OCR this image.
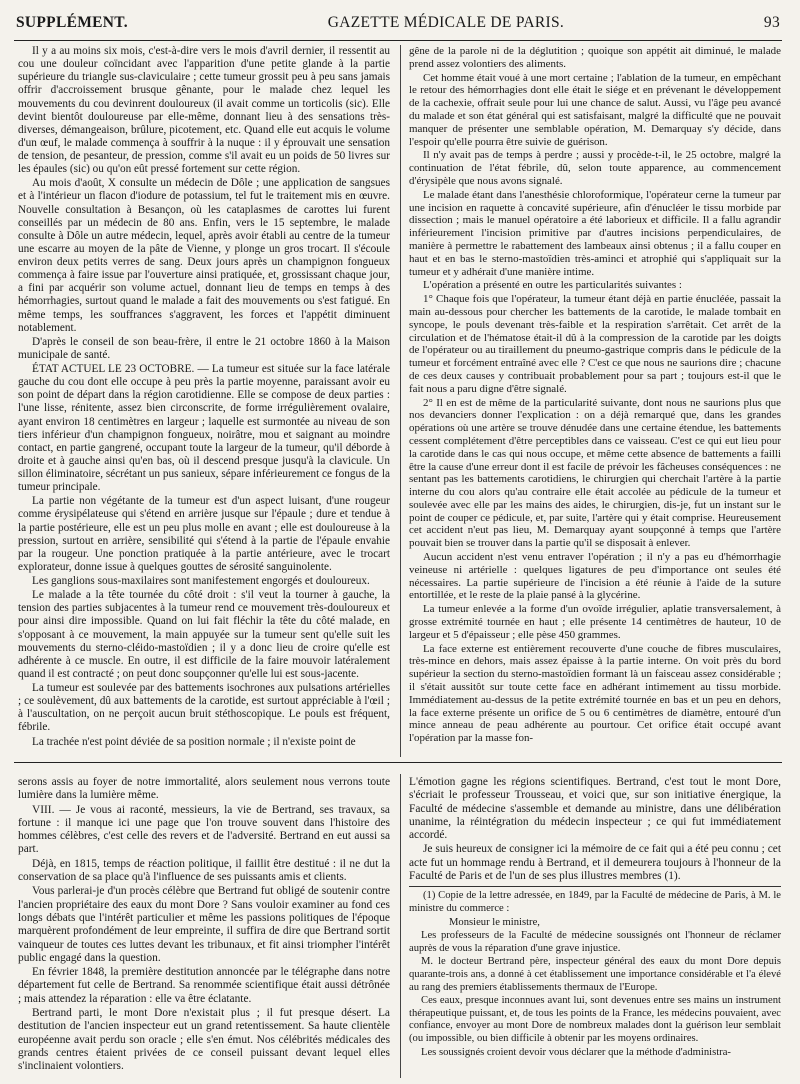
SUPPLÉMENT.	GAZETTE MÉDICALE DE PARIS.	93

Il y a au moins six mois, c'est-à-dire vers le mois d'avril dernier, il ressentit au cou une douleur coïncidant avec l'apparition d'une petite glande à la partie supérieure du triangle sus-claviculaire ; cette tumeur grossit peu à peu sans jamais offrir d'accroissement brusque gênante, pour le malade chez lequel les mouvements du cou devinrent douloureux (il avait comme un torticolis (sic). Elle devint bientôt douloureuse par elle-même, donnant lieu à des sensations très-diverses, démangeaison, brûlure, picotement, etc. Quand elle eut acquis le volume d'un œuf, le malade commença à souffrir à la nuque : il y éprouvait une sensation de tension, de pesanteur, de pression, comme s'il avait eu un poids de 50 livres sur les épaules (sic) ou qu'on eût pressé fortement sur cette région.

Au mois d'août, X consulte un médecin de Dôle ; une application de sangsues et à l'intérieur un flacon d'iodure de potassium, tel fut le traitement mis en œuvre. Nouvelle consultation à Besançon, où les cataplasmes de carottes lui furent conseillés par un médecin de 80 ans. Enfin, vers le 15 septembre, le malade consulte à Dôle un autre médecin, lequel, après avoir établi au centre de la tumeur une escarre au moyen de la pâte de Vienne, y plonge un gros trocart. Il s'écoule environ deux petits verres de sang. Deux jours après un champignon fongueux commença à faire issue par l'ouverture ainsi pratiquée, et, grossissant chaque jour, a fini par acquérir son volume actuel, donnant lieu de temps en temps à des hémorrhagies, surtout quand le malade a fait des mouvements ou s'est fatigué. En même temps, les souffrances s'aggravent, les forces et l'appétit diminuent notablement.

D'après le conseil de son beau-frère, il entre le 21 octobre 1860 à la Maison municipale de santé.

ÉTAT ACTUEL LE 23 OCTOBRE. — La tumeur est située sur la face latérale gauche du cou dont elle occupe à peu près la partie moyenne, paraissant avoir eu son point de départ dans la région carotidienne. Elle se compose de deux parties : l'une lisse, rénitente, assez bien circonscrite, de forme irrégulièrement ovalaire, ayant environ 18 centimètres en largeur ; laquelle est surmontée au niveau de son tiers inférieur d'un champignon fongueux, noirâtre, mou et saignant au moindre contact, en partie gangrené, occupant toute la largeur de la tumeur, qu'il déborde à droite et à gauche ainsi qu'en bas, où il descend presque jusqu'à la clavicule. Un sillon éliminatoire, sécrétant un pus sanieux, sépare inférieurement ce fongus de la tumeur principale.

La partie non végétante de la tumeur est d'un aspect luisant, d'une rougeur comme érysipélateuse qui s'étend en arrière jusque sur l'épaule ; dure et tendue à la partie postérieure, elle est un peu plus molle en avant ; elle est douloureuse à la pression, surtout en arrière, sensibilité qui s'étend à la partie de l'épaule envahie par la rougeur. Une ponction pratiquée à la partie antérieure, avec le trocart explorateur, donne issue à quelques gouttes de sérosité sanguinolente.

Les ganglions sous-maxilaires sont manifestement engorgés et douloureux.

Le malade a la tête tournée du côté droit : s'il veut la tourner à gauche, la tension des parties subjacentes à la tumeur rend ce mouvement très-douloureux et pour ainsi dire impossible. Quand on lui fait fléchir la tête du côté malade, en s'opposant à ce mouvement, la main appuyée sur la tumeur sent qu'elle suit les mouvements du sterno-cléido-mastoïdien ; il y a donc lieu de croire qu'elle est adhérente à ce muscle. En outre, il est difficile de la faire mouvoir latéralement quand il est contracté ; on peut donc soupçonner qu'elle lui est sous-jacente.

La tumeur est soulevée par des battements isochrones aux pulsations artérielles ; ce soulèvement, dû aux battements de la carotide, est surtout appréciable à l'œil ; à l'auscultation, on ne perçoit aucun bruit stéthoscopique. Le pouls est fréquent, fébrile.

La trachée n'est point déviée de sa position normale ; il n'existe point de

gêne de la parole ni de la déglutition ; quoique son appétit ait diminué, le malade prend assez volontiers des aliments.

Cet homme était voué à une mort certaine ; l'ablation de la tumeur, en empêchant le retour des hémorrhagies dont elle était le siége et en prévenant le développement de la cachexie, offrait seule pour lui une chance de salut. Aussi, vu l'âge peu avancé du malade et son état général qui est satisfaisant, malgré la difficulté que ne pouvait manquer de présenter une semblable opération, M. Demarquay s'y décide, dans l'espoir qu'elle pourra être suivie de guérison.

Il n'y avait pas de temps à perdre ; aussi y procède-t-il, le 25 octobre, malgré la continuation de l'état fébrile, dû, selon toute apparence, au commencement d'érysipèle que nous avons signalé.

Le malade étant dans l'anesthésie chloroformique, l'opérateur cerne la tumeur par une incision en raquette à concavité supérieure, afin d'énucléer le tissu morbide par dissection ; mais le manuel opératoire a été laborieux et difficile. Il a fallu agrandir inférieurement l'incision primitive par d'autres incisions perpendiculaires, de manière à permettre le rabattement des lambeaux ainsi obtenus ; il a fallu couper en haut et en bas le sterno-mastoïdien très-aminci et atrophié qui s'appliquait sur la tumeur et y adhérait d'une manière intime.

L'opération a présenté en outre les particularités suivantes :

1° Chaque fois que l'opérateur, la tumeur étant déjà en partie énucléée, passait la main au-dessous pour chercher les battements de la carotide, le malade tombait en syncope, le pouls devenant très-faible et la respiration s'arrêtait. Cet arrêt de la circulation et de l'hématose était-il dû à la compression de la carotide par les doigts de l'opérateur ou au tiraillement du pneumo-gastrique compris dans le pédicule de la tumeur et forcément entraîné avec elle ? C'est ce que nous ne saurions dire ; chacune de ces deux causes y contribuait probablement pour sa part ; toujours est-il que le fait nous a paru digne d'être signalé.

2° Il en est de même de la particularité suivante, dont nous ne saurions plus que nos devanciers donner l'explication : on a déjà remarqué que, dans les grandes opérations où une artère se trouve dénudée dans une certaine étendue, les battements cessent complétement d'être perceptibles dans ce vaisseau. C'est ce qui eut lieu pour la carotide dans le cas qui nous occupe, et même cette absence de battements a failli être la cause d'une erreur dont il est facile de prévoir les fâcheuses conséquences : ne sentant pas les battements carotidiens, le chirurgien qui cherchait l'artère à la partie interne du cou alors qu'au contraire elle était accolée au pédicule de la tumeur et soulevée avec elle par les mains des aides, le chirurgien, dis-je, fut un instant sur le point de couper ce pédicule, et, par suite, l'artère qui y était comprise. Heureusement cet accident n'eut pas lieu, M. Demarquay ayant soupçonné à temps que l'artère pouvait bien se trouver dans la partie qu'il se disposait à enlever.

Aucun accident n'est venu entraver l'opération ; il n'y a pas eu d'hémorrhagie veineuse ni artérielle : quelques ligatures de peu d'importance ont seules été nécessaires. La partie supérieure de l'incision a été réunie à l'aide de la suture entortillée, et le reste de la plaie pansé à la glycérine.

La tumeur enlevée a la forme d'un ovoïde irrégulier, aplatie transversalement, à grosse extrémité tournée en haut ; elle présente 14 centimètres de hauteur, 10 de largeur et 5 d'épaisseur ; elle pèse 450 grammes.

La face externe est entièrement recouverte d'une couche de fibres musculaires, très-mince en dehors, mais assez épaisse à la partie interne. On voit près du bord supérieur la section du sterno-mastoïdien formant là un faisceau assez considérable ; il s'était aussitôt sur toute cette face en adhérant intimement au tissu morbide. Immédiatement au-dessus de la petite extrémité tournée en bas et un peu en dehors, la face externe présente un orifice de 5 ou 6 centimètres de diamètre, entouré d'un mince anneau de peau adhérente au pourtour. Cet orifice était occupé avant l'opération par la masse fon-

serons assis au foyer de notre immortalité, alors seulement nous verrons toute lumière dans la lumière même.

VIII. — Je vous ai raconté, messieurs, la vie de Bertrand, ses travaux, sa fortune : il manque ici une page que l'on trouve souvent dans l'histoire des hommes célèbres, c'est celle des revers et de l'adversité. Bertrand en eut aussi sa part.

Déjà, en 1815, temps de réaction politique, il faillit être destitué : il ne dut la conservation de sa place qu'à l'influence de ses puissants amis et clients.

Vous parlerai-je d'un procès célèbre que Bertrand fut obligé de soutenir contre l'ancien propriétaire des eaux du mont Dore ? Sans vouloir examiner au fond ces longs débats que l'intérêt particulier et même les passions politiques de l'époque marquèrent profondément de leur empreinte, il suffira de dire que Bertrand sortit vainqueur de toutes ces luttes devant les tribunaux, et fit ainsi triompher l'intérêt public engagé dans la question.

En février 1848, la première destitution annoncée par le télégraphe dans notre département fut celle de Bertrand. Sa renommée scientifique était aussi détrônée ; mais attendez la réparation : elle va être éclatante.

Bertrand parti, le mont Dore n'existait plus ; il fut presque désert. La destitution de l'ancien inspecteur eut un grand retentissement. Sa haute clientèle européenne avait perdu son oracle ; elle s'en émut. Nos célébrités médicales des grands centres étaient privées de ce conseil puissant devant lequel elles s'inclinaient volontiers.

L'émotion gagne les régions scientifiques. Bertrand, c'est tout le mont Dore, s'écriait le professeur Trousseau, et voici que, sur son initiative énergique, la Faculté de médecine s'assemble et demande au ministre, dans une délibération unanime, la réintégration du médecin inspecteur ; ce qui fut immédiatement accordé.

Je suis heureux de consigner ici la mémoire de ce fait qui a été peu connu ; cet acte fut un hommage rendu à Bertrand, et il demeurera toujours à l'honneur de la Faculté de Paris et de l'un de ses plus illustres membres (1).

(1) Copie de la lettre adressée, en 1849, par la Faculté de médecine de Paris, à M. le ministre du commerce :

Monsieur le ministre,

Les professeurs de la Faculté de médecine soussignés ont l'honneur de réclamer auprès de vous la réparation d'une grave injustice.

M. le docteur Bertrand père, inspecteur général des eaux du mont Dore depuis quarante-trois ans, a donné à cet établissement une importance considérable et l'a élevé au rang des premiers établissements thermaux de l'Europe.

Ces eaux, presque inconnues avant lui, sont devenues entre ses mains un instrument thérapeutique puissant, et, de tous les points de la France, les médecins pouvaient, avec confiance, envoyer au mont Dore de nombreux malades dont la guérison leur semblait (ou impossible, ou bien difficile à obtenir par les moyens ordinaires.

Les soussignés croient devoir vous déclarer que la méthode d'administra-
